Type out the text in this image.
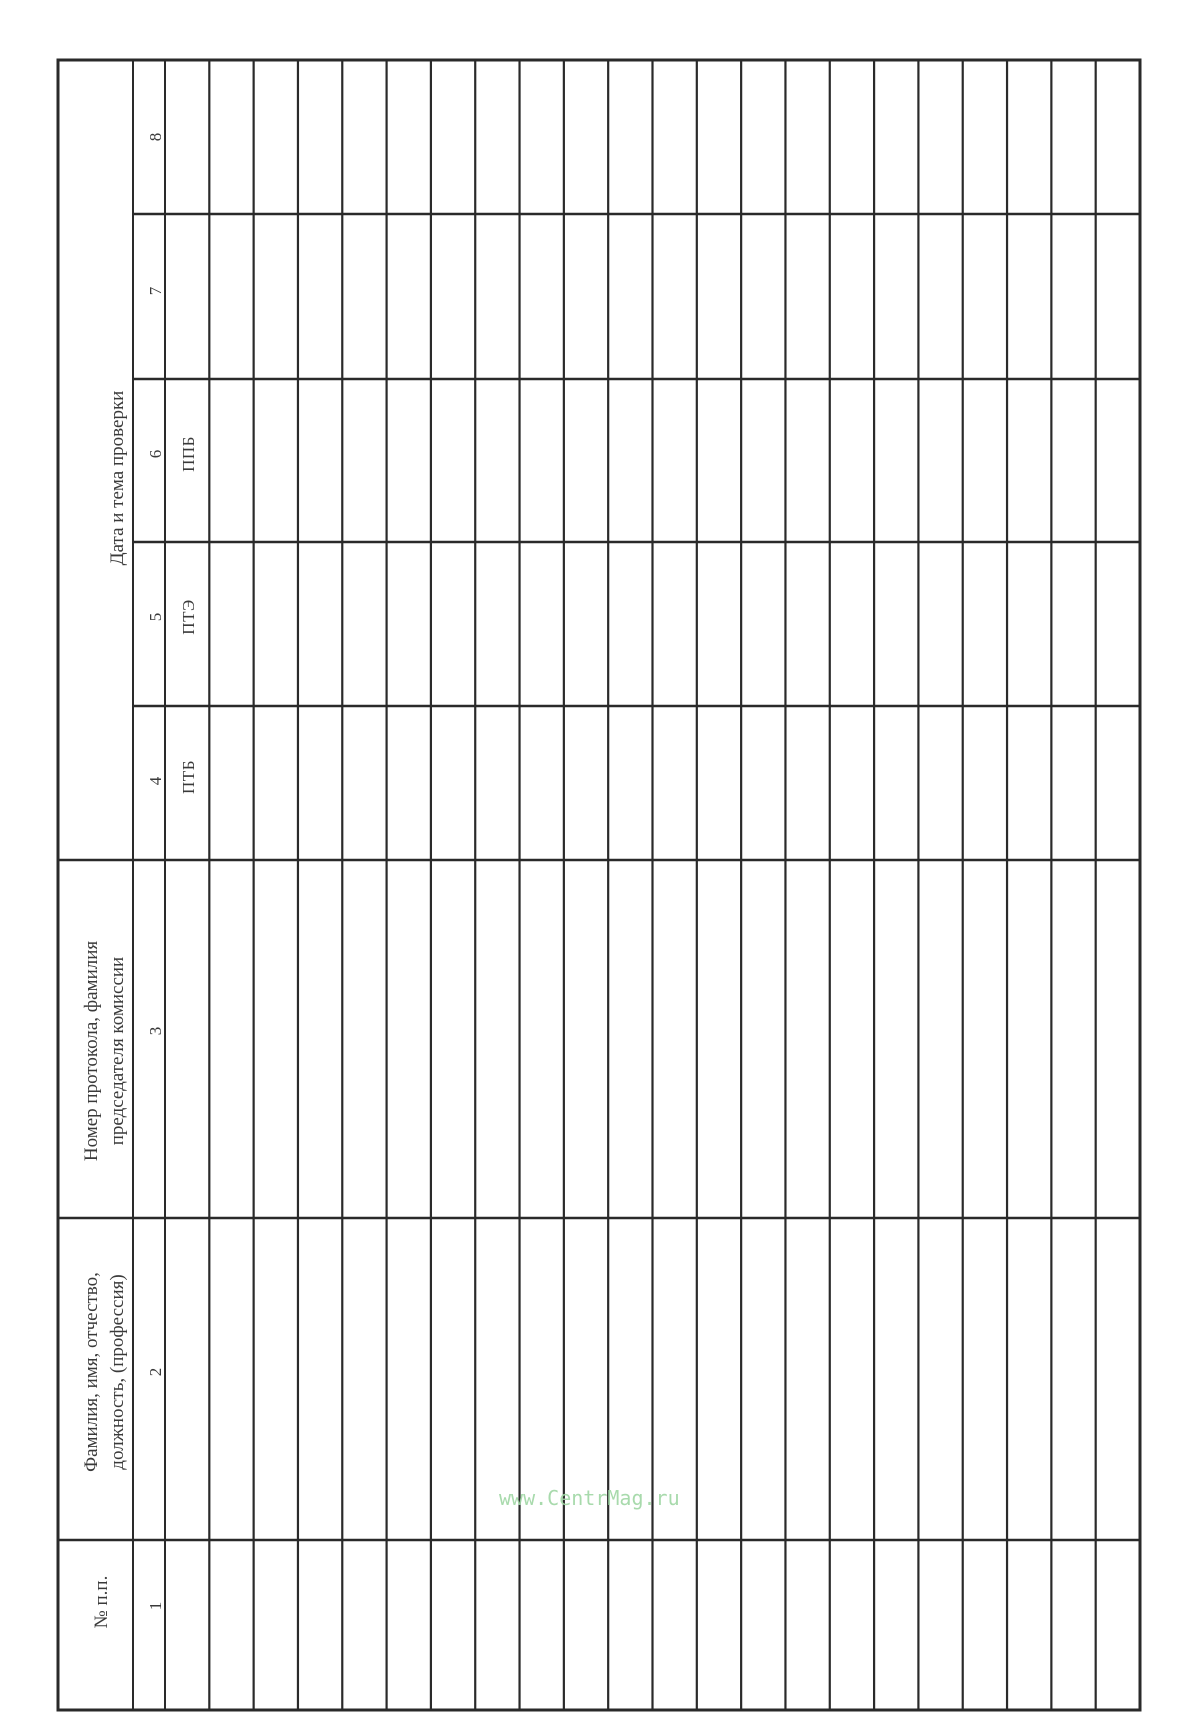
№ п.п.
Фамилия, имя, отчество, должность, (профессия)
Номер протокола, фамилия председателя комиссии
Дата и тема проверки
1
2
3
4
5
6
7
8
ПТБ
ПТЭ
ППБ
www.CentrMag.ru
